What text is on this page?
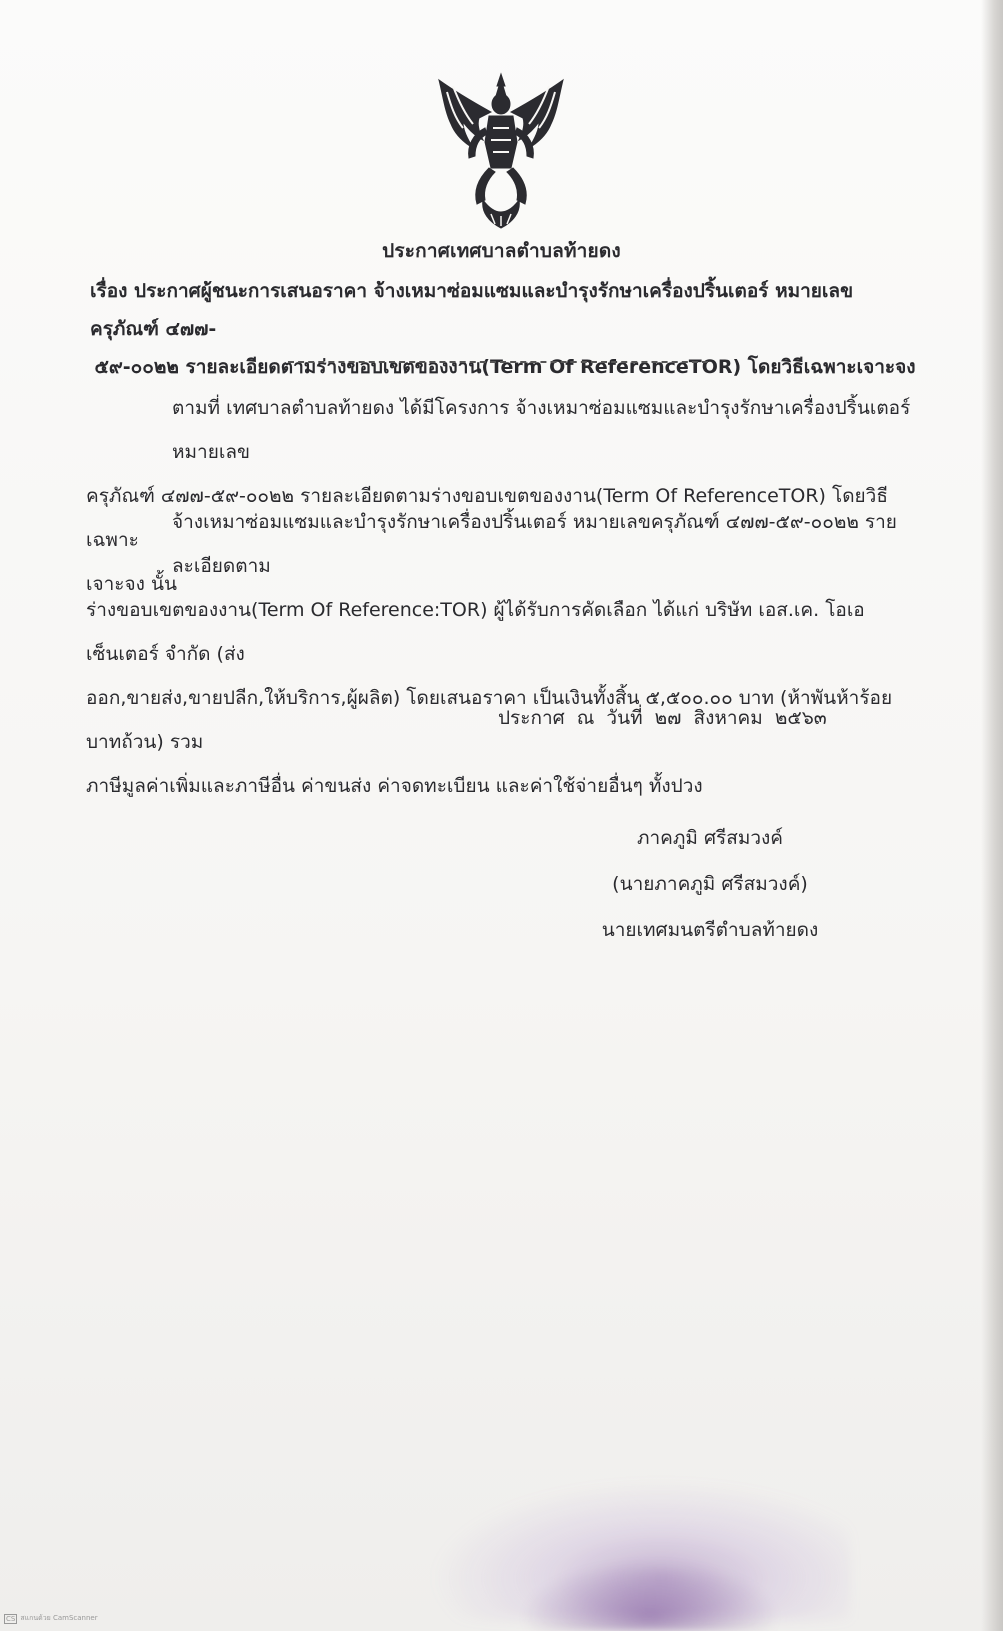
ประกาศเทศบาลตำบลท้ายดง
เรื่อง ประกาศผู้ชนะการเสนอราคา จ้างเหมาซ่อมแซมและบำรุงรักษาเครื่องปริ้นเตอร์ หมายเลขครุภัณฑ์ ๔๗๗-

๕๙-๐๐๒๒ รายละเอียดตามร่างขอบเขตของงาน(Term Of ReferenceTOR) โดยวิธีเฉพาะเจาะจง
ตามที่ เทศบาลตำบลท้ายดง ได้มีโครงการ จ้างเหมาซ่อมแซมและบำรุงรักษาเครื่องปริ้นเตอร์ หมายเลข
ครุภัณฑ์ ๔๗๗-๕๙-๐๐๒๒ รายละเอียดตามร่างขอบเขตของงาน(Term Of ReferenceTOR) โดยวิธีเฉพาะ
เจาะจง นั้น
จ้างเหมาซ่อมแซมและบำรุงรักษาเครื่องปริ้นเตอร์ หมายเลขครุภัณฑ์ ๔๗๗-๕๙-๐๐๒๒ รายละเอียดตาม
ร่างขอบเขตของงาน(Term Of Reference:TOR) ผู้ได้รับการคัดเลือก ได้แก่ บริษัท เอส.เค. โอเอ เซ็นเตอร์ จำกัด (ส่ง
ออก,ขายส่ง,ขายปลีก,ให้บริการ,ผู้ผลิต) โดยเสนอราคา เป็นเงินทั้งสิ้น ๕,๕๐๐.๐๐ บาท (ห้าพันห้าร้อยบาทถ้วน) รวม
ภาษีมูลค่าเพิ่มและภาษีอื่น ค่าขนส่ง ค่าจดทะเบียน และค่าใช้จ่ายอื่นๆ ทั้งปวง
ประกาศ ณ วันที่ ๒๗ สิงหาคม ๒๕๖๓
ภาคภูมิ ศรีสมวงค์
(นายภาคภูมิ ศรีสมวงค์)
นายเทศมนตรีตำบลท้ายดง
CS สแกนด้วย CamScanner
